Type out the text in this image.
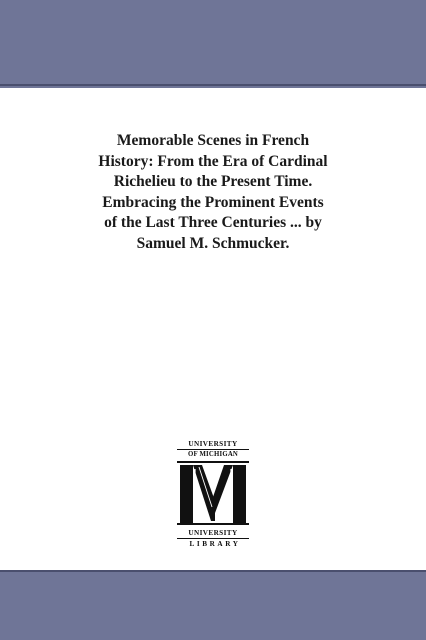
Memorable Scenes in French
History: From the Era of Cardinal
Richelieu to the Present Time.
Embracing the Prominent Events
of the Last Three Centuries ... by
Samuel M. Schmucker.
UNIVERSITY
OF MICHIGAN
UNIVERSITY
LIBRARY
